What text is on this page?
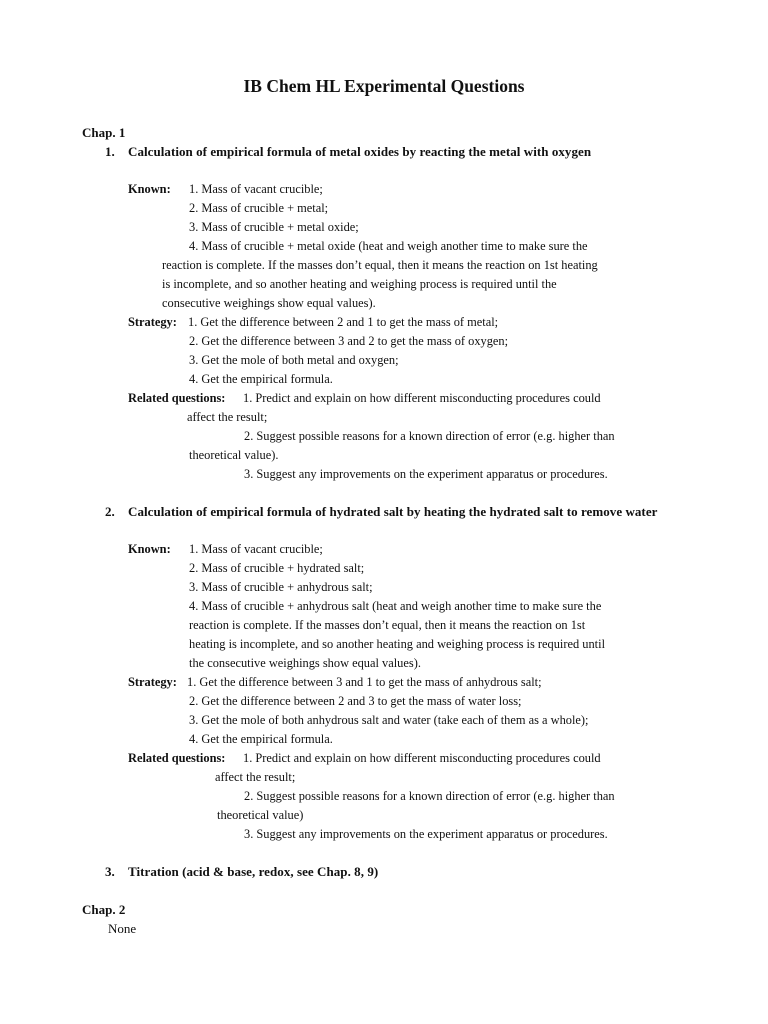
IB Chem HL Experimental Questions
Chap. 1
1. Calculation of empirical formula of metal oxides by reacting the metal with oxygen
Known: 1. Mass of vacant crucible;
2. Mass of crucible + metal;
3. Mass of crucible + metal oxide;
4. Mass of crucible + metal oxide (heat and weigh another time to make sure the
reaction is complete. If the masses don’t equal, then it means the reaction on 1st heating
is incomplete, and so another heating and weighing process is required until the
consecutive weighings show equal values).
Strategy: 1. Get the difference between 2 and 1 to get the mass of metal;
2. Get the difference between 3 and 2 to get the mass of oxygen;
3. Get the mole of both metal and oxygen;
4. Get the empirical formula.
Related questions: 1. Predict and explain on how different misconducting procedures could
affect the result;
2. Suggest possible reasons for a known direction of error (e.g. higher than
theoretical value).
3. Suggest any improvements on the experiment apparatus or procedures.
2. Calculation of empirical formula of hydrated salt by heating the hydrated salt to remove water
Known: 1. Mass of vacant crucible;
2. Mass of crucible + hydrated salt;
3. Mass of crucible + anhydrous salt;
4. Mass of crucible + anhydrous salt (heat and weigh another time to make sure the
reaction is complete. If the masses don’t equal, then it means the reaction on 1st
heating is incomplete, and so another heating and weighing process is required until
the consecutive weighings show equal values).
Strategy: 1. Get the difference between 3 and 1 to get the mass of anhydrous salt;
2. Get the difference between 2 and 3 to get the mass of water loss;
3. Get the mole of both anhydrous salt and water (take each of them as a whole);
4. Get the empirical formula.
Related questions: 1. Predict and explain on how different misconducting procedures could
affect the result;
2. Suggest possible reasons for a known direction of error (e.g. higher than
theoretical value)
3. Suggest any improvements on the experiment apparatus or procedures.
3. Titration (acid & base, redox, see Chap. 8, 9)
Chap. 2
None
